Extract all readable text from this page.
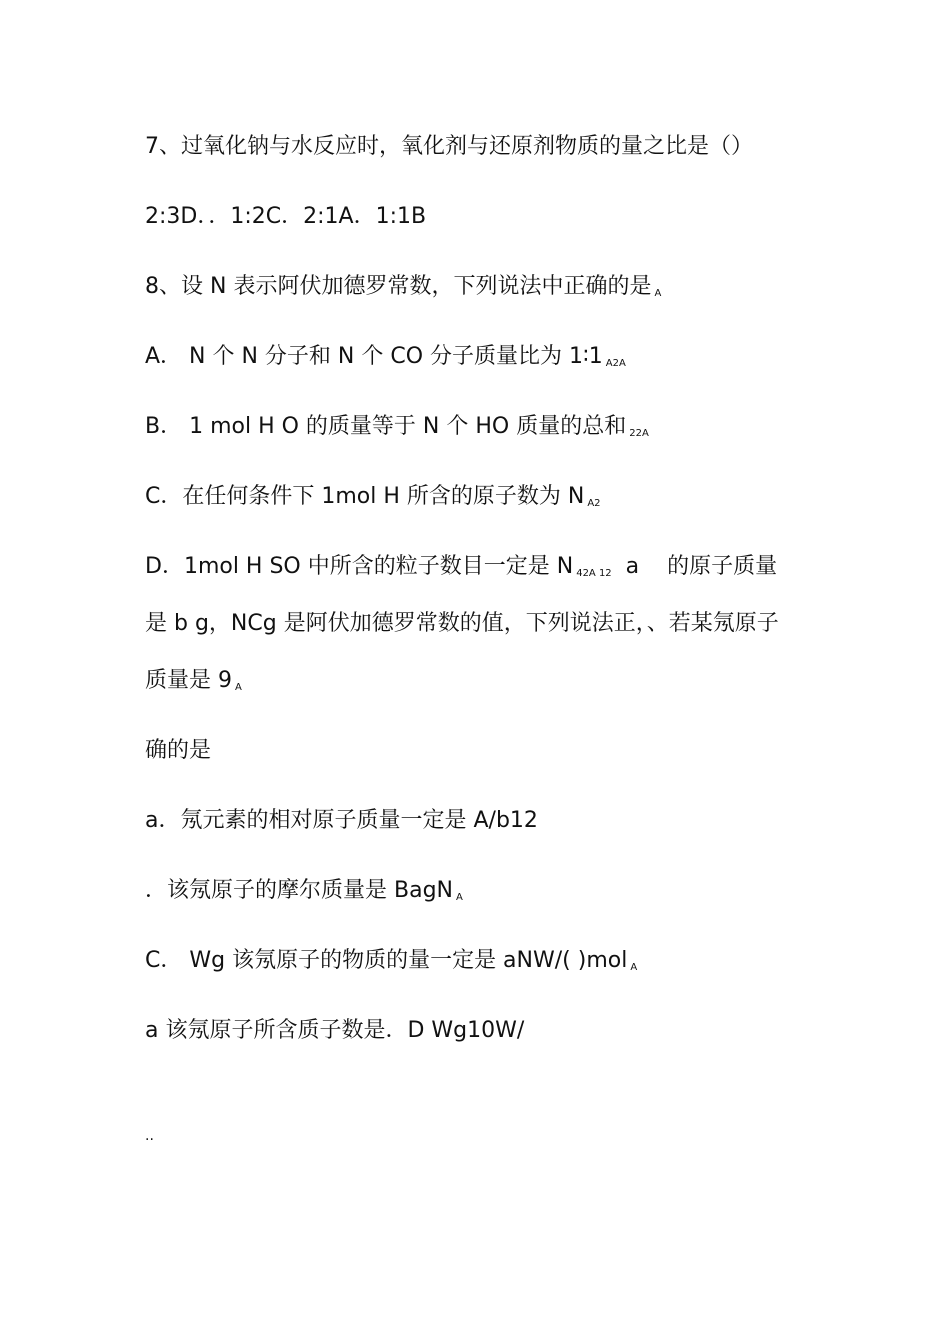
7、过氧化钠与水反应时，氧化剂与还原剂物质的量之比是（）
2:3D．．1:2C．2:1A．1:1B
8、设 N 表示阿伏加德罗常数，下列说法中正确的是 $_A$
A． N 个 N 分子和 N 个 CO 分子质量比为 1∶1 $_{A2A}$
B． 1 mol H O 的质量等于 N 个 HO 质量的总和 $_{22A}$
C．在任何条件下 1mol H 所含的原子数为 N $_{A2}$
D．1mol H SO 中所含的粒子数目一定是 N $_{42A 12}$  a    的原子质量
是 b g，NCg 是阿伏加德罗常数的值，下列说法正，、若某氖原子
质量是 9 $_A$
确的是
a．氖元素的相对原子质量一定是 A/b12
．该氖原子的摩尔质量是 BagN $_A$
C． Wg 该氖原子的物质的量一定是 aNW/( )mol $_A$
a 该氖原子所含质子数是．D Wg10W/
..
